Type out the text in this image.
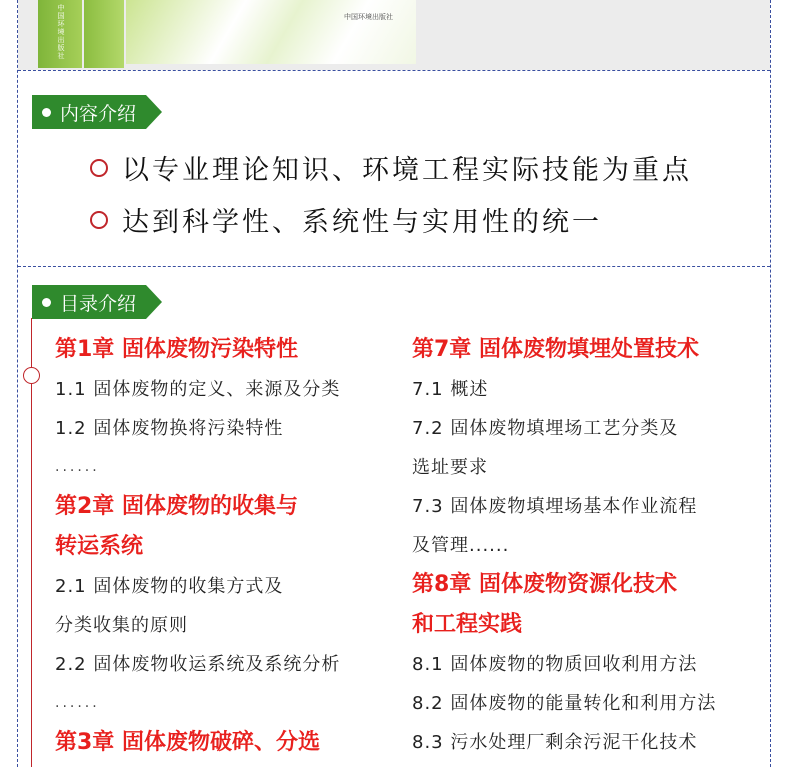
中国环境出版社	中国环境出版社
内容介绍
以专业理论知识、环境工程实际技能为重点
达到科学性、系统性与实用性的统一
目录介绍

第1章 固体废物污染特性
1.1 固体废物的定义、来源及分类
1.2 固体废物换将污染特性
......
第2章 固体废物的收集与
转运系统
2.1 固体废物的收集方式及
分类收集的原则
2.2 固体废物收运系统及系统分析
......
第3章 固体废物破碎、分选
第7章 固体废物填埋处置技术
7.1 概述
7.2 固体废物填埋场工艺分类及
选址要求
7.3 固体废物填埋场基本作业流程
及管理......
第8章 固体废物资源化技术
和工程实践
8.1 固体废物的物质回收利用方法
8.2 固体废物的能量转化和利用方法
8.3 污水处理厂剩余污泥干化技术
